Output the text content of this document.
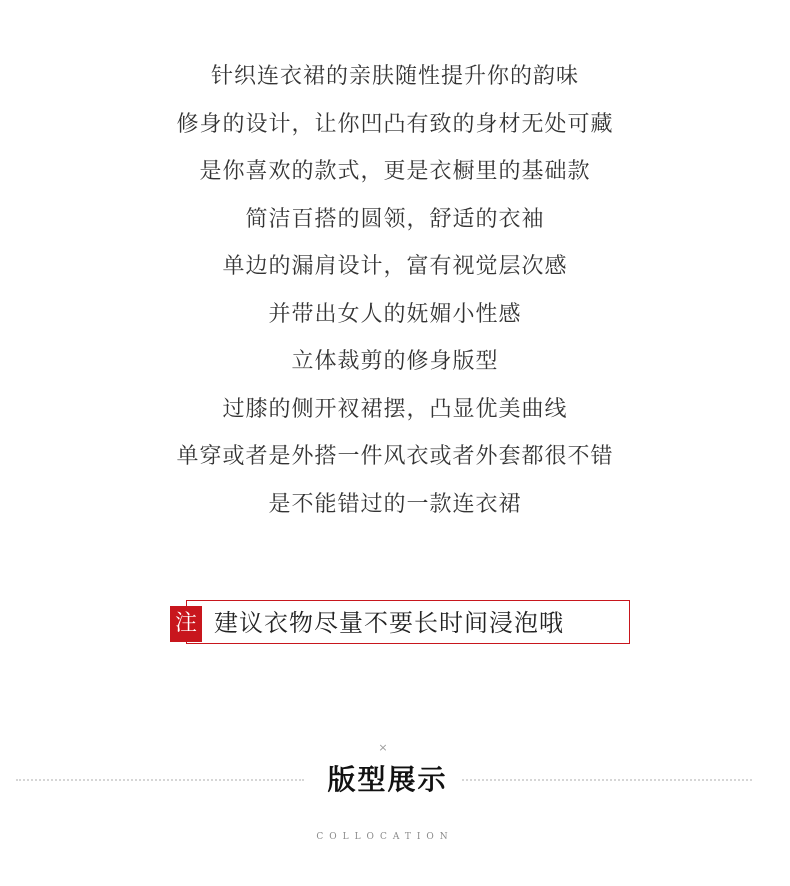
针织连衣裙的亲肤随性提升你的韵味
修身的设计，让你凹凸有致的身材无处可藏
是你喜欢的款式，更是衣橱里的基础款
简洁百搭的圆领，舒适的衣袖
单边的漏肩设计，富有视觉层次感
并带出女人的妩媚小性感
立体裁剪的修身版型
过膝的侧开衩裙摆，凸显优美曲线
单穿或者是外搭一件风衣或者外套都很不错
是不能错过的一款连衣裙
注 建议衣物尽量不要长时间浸泡哦
×
版型展示
COLLOCATION
